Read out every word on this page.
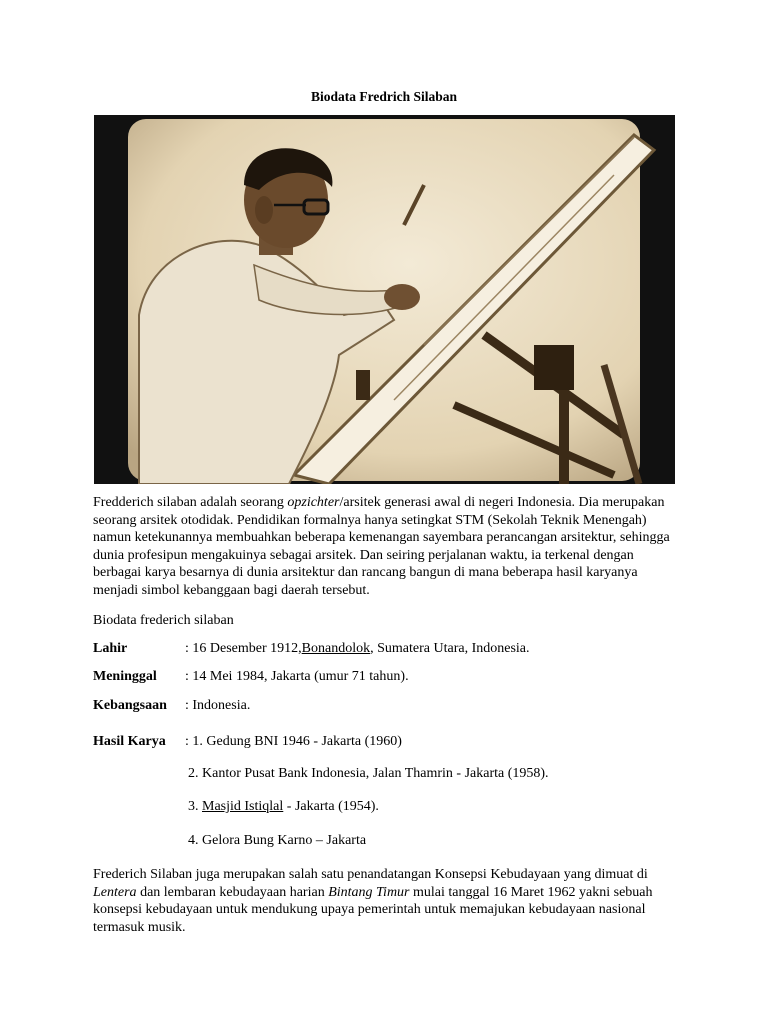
Biodata Fredrich Silaban
Fredderich silaban adalah seorang opzichter/arsitek generasi awal di negeri Indonesia. Dia merupakan seorang arsitek otodidak. Pendidikan formalnya hanya setingkat STM (Sekolah Teknik Menengah) namun ketekunannya membuahkan beberapa kemenangan sayembara perancangan arsitektur, sehingga dunia profesipun mengakuinya sebagai arsitek. Dan seiring perjalanan waktu, ia terkenal dengan berbagai karya besarnya di dunia arsitektur dan rancang bangun di mana beberapa hasil karyanya menjadi simbol kebanggaan bagi daerah tersebut.
Biodata frederich silaban
Lahir	: 16 Desember 1912,Bonandolok, Sumatera Utara, Indonesia.
Meninggal : 14 Mei 1984, Jakarta (umur 71 tahun).
Kebangsaan : Indonesia.
Hasil Karya : 1. Gedung BNI 1946 - Jakarta (1960)
2. Kantor Pusat Bank Indonesia, Jalan Thamrin - Jakarta (1958).
3. Masjid Istiqlal - Jakarta (1954).
4. Gelora Bung Karno – Jakarta
Frederich Silaban juga merupakan salah satu penandatangan Konsepsi Kebudayaan yang dimuat di Lentera dan lembaran kebudayaan harian Bintang Timur mulai tanggal 16 Maret 1962 yakni sebuah konsepsi kebudayaan untuk mendukung upaya pemerintah untuk memajukan kebudayaan nasional termasuk musik.
